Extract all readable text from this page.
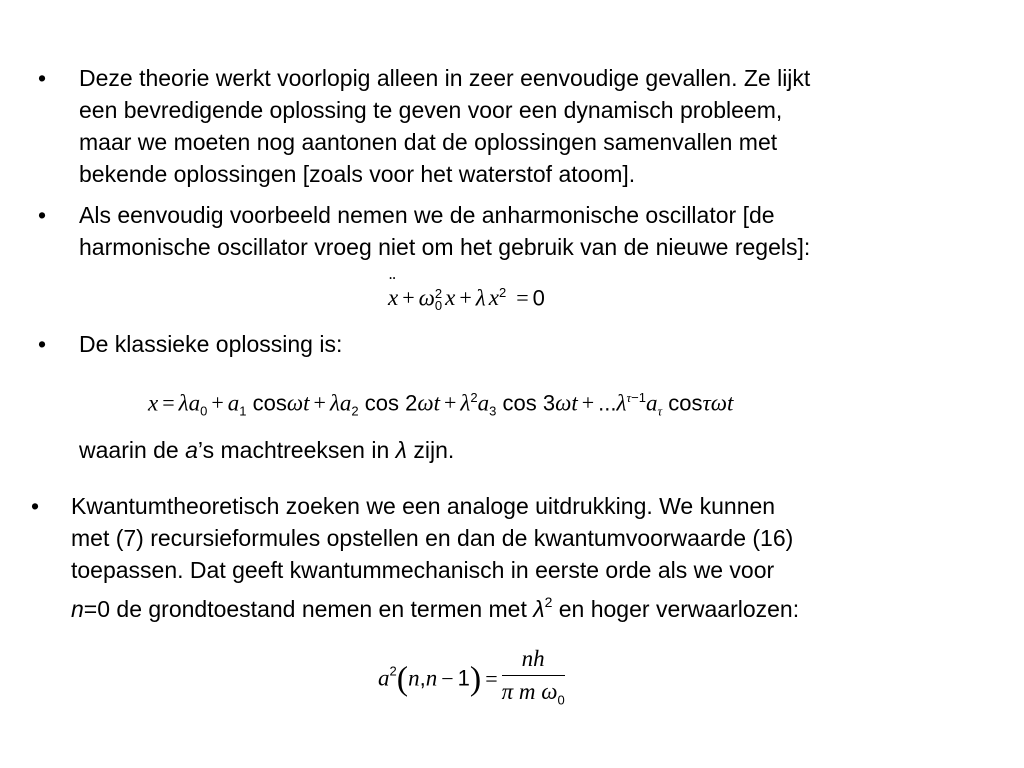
• Deze theorie werkt voorlopig alleen in zeer eenvoudige gevallen. Ze lijkt
een bevredigende oplossing te geven voor een dynamisch probleem,
maar we moeten nog aantonen dat de oplossingen samenvallen met
bekende oplossingen [zoals voor het waterstof atoom].
• Als eenvoudig voorbeeld nemen we de anharmonische oscillator [de
harmonische oscillator vroeg niet om het gebruik van de nieuwe regels]:
¨ x + ω 2
0 x + λ $x^2 = 0$
• De klassieke oplossing is:
$x = \lambda a_0 + a_1$ $\cos\omega t + \lambda a_2$ $\cos 2\omega t + \lambda^2a_3$ $\cos 3\omega t + ...\lambda^{\tau-1}a_\tau$ cosτωt
waarin de a’s machtreeksen in λ zijn.
• Kwantumtheoretisch zoeken we een analoge uitdrukking. We kunnen
met (7) recursieformules opstellen en dan de kwantumvoorwaarde (16)
toepassen. Dat geeft kwantummechanisch in eerste orde als we voor
n=0 de grondtoestand nemen en termen met $\lambda^2$ en hoger verwaarlozen:
$a^2(n,n - 1) = \frac{nh}{\pi m \omega_0}$
